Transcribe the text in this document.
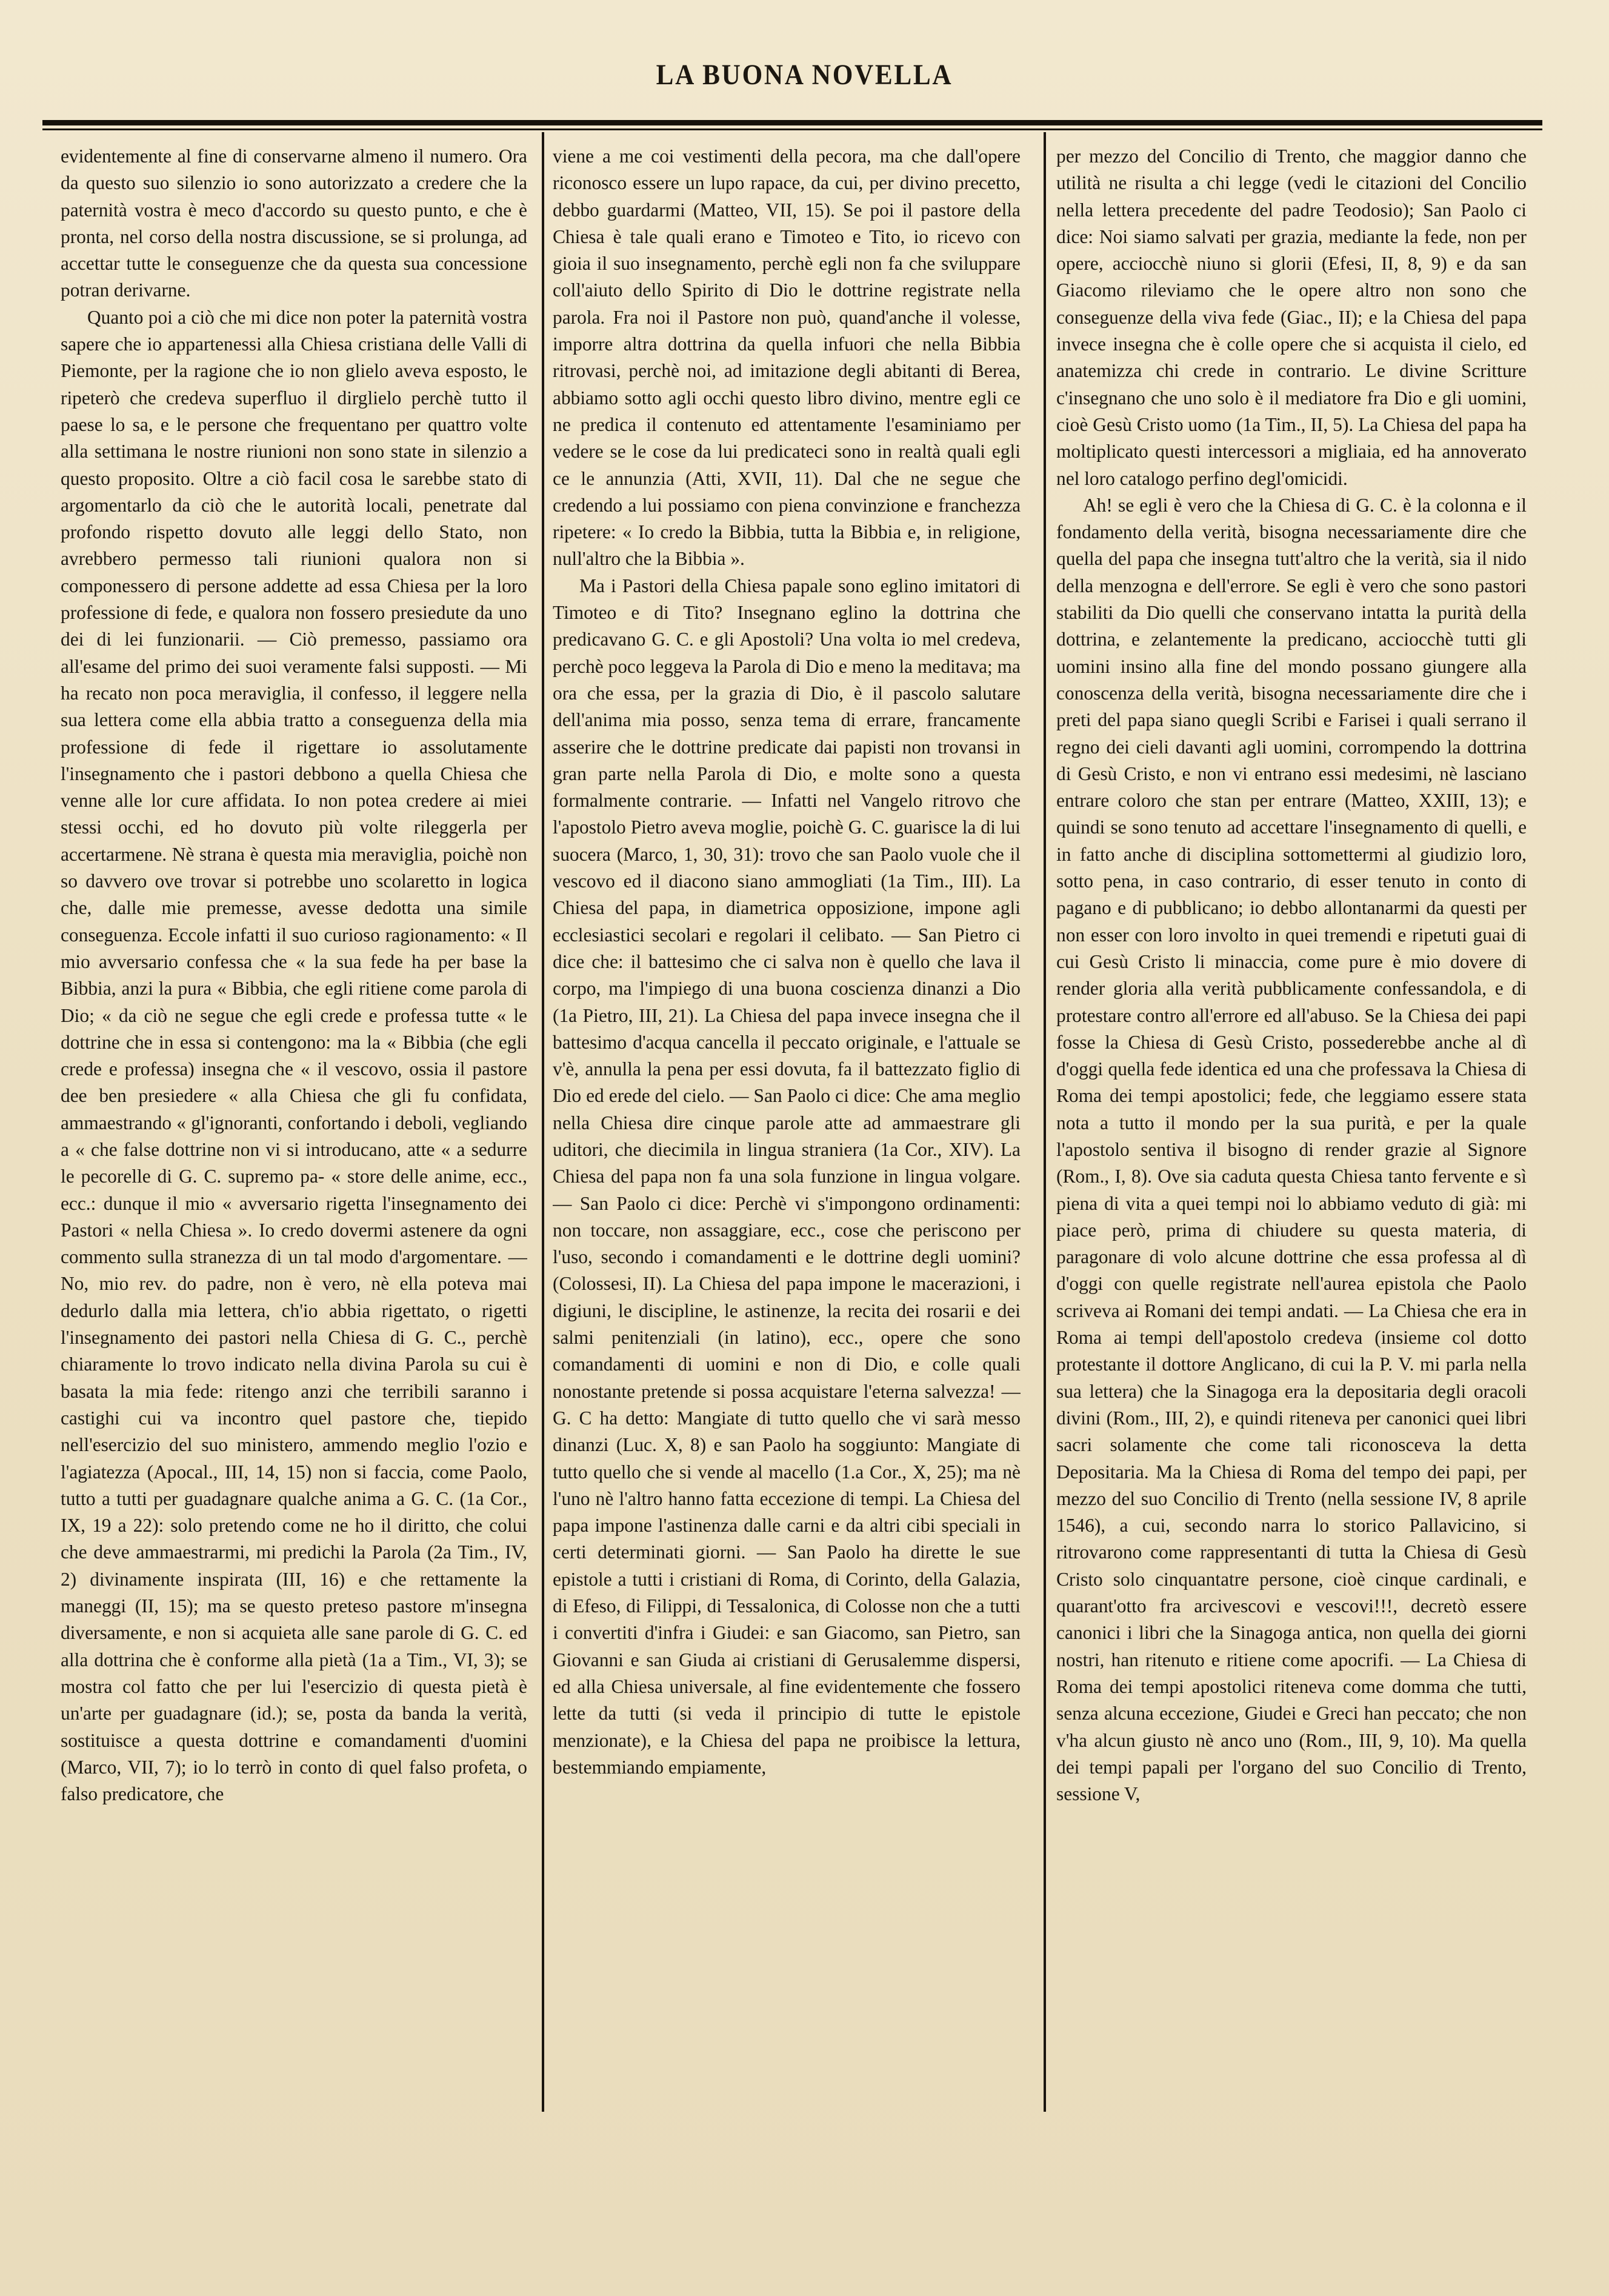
LA BUONA NOVELLA

evidentemente al fine di conservarne almeno il numero. Ora da questo suo silenzio io sono autorizzato a credere che la paternità vostra è meco d'accordo su questo punto, e che è pronta, nel corso della nostra discussione, se si prolunga, ad accettar tutte le conseguenze che da questa sua concessione potran derivarne.

Quanto poi a ciò che mi dice non poter la paternità vostra sapere che io appartenessi alla Chiesa cristiana delle Valli di Piemonte, per la ragione che io non glielo aveva esposto, le ripeterò che credeva superfluo il dirglielo perchè tutto il paese lo sa, e le persone che frequentano per quattro volte alla settimana le nostre riunioni non sono state in silenzio a questo proposito. Oltre a ciò facil cosa le sarebbe stato di argomentarlo da ciò che le autorità locali, penetrate dal profondo rispetto dovuto alle leggi dello Stato, non avrebbero permesso tali riunioni qualora non si componessero di persone addette ad essa Chiesa per la loro professione di fede, e qualora non fossero presiedute da uno dei di lei funzionarii. — Ciò premesso, passiamo ora all'esame del primo dei suoi veramente falsi supposti. — Mi ha recato non poca meraviglia, il confesso, il leggere nella sua lettera come ella abbia tratto a conseguenza della mia professione di fede il rigettare io assolutamente l'insegnamento che i pastori debbono a quella Chiesa che venne alle lor cure affidata. Io non potea credere ai miei stessi occhi, ed ho dovuto più volte rileggerla per accertarmene. Nè strana è questa mia meraviglia, poichè non so davvero ove trovar si potrebbe uno scolaretto in logica che, dalle mie premesse, avesse dedotta una simile conseguenza. Eccole infatti il suo curioso ragionamento: « Il mio avversario confessa che « la sua fede ha per base la Bibbia, anzi la pura « Bibbia, che egli ritiene come parola di Dio; « da ciò ne segue che egli crede e professa tutte « le dottrine che in essa si contengono: ma la « Bibbia (che egli crede e professa) insegna che « il vescovo, ossia il pastore dee ben presiedere « alla Chiesa che gli fu confidata, ammaestrando « gl'ignoranti, confortando i deboli, vegliando a « che false dottrine non vi si introducano, atte « a sedurre le pecorelle di G. C. supremo pa- « store delle anime, ecc., ecc.: dunque il mio « avversario rigetta l'insegnamento dei Pastori « nella Chiesa ». Io credo dovermi astenere da ogni commento sulla stranezza di un tal modo d'argomentare. — No, mio rev. do padre, non è vero, nè ella poteva mai dedurlo dalla mia lettera, ch'io abbia rigettato, o rigetti l'insegnamento dei pastori nella Chiesa di G. C., perchè chiaramente lo trovo indicato nella divina Parola su cui è basata la mia fede: ritengo anzi che terribili saranno i castighi cui va incontro quel pastore che, tiepido nell'esercizio del suo ministero, ammendo meglio l'ozio e l'agiatezza (Apocal., III, 14, 15) non si faccia, come Paolo, tutto a tutti per guadagnare qualche anima a G. C. (1a Cor., IX, 19 a 22): solo pretendo come ne ho il diritto, che colui che deve ammaestrarmi, mi predichi la Parola (2a Tim., IV, 2) divinamente inspirata (III, 16) e che rettamente la maneggi (II, 15); ma se questo preteso pastore m'insegna diversamente, e non si acquieta alle sane parole di G. C. ed alla dottrina che è conforme alla pietà (1a a Tim., VI, 3); se mostra col fatto che per lui l'esercizio di questa pietà è un'arte per guadagnare (id.); se, posta da banda la verità, sostituisce a questa dottrine e comandamenti d'uomini (Marco, VII, 7); io lo terrò in conto di quel falso profeta, o falso predicatore, che

viene a me coi vestimenti della pecora, ma che dall'opere riconosco essere un lupo rapace, da cui, per divino precetto, debbo guardarmi (Matteo, VII, 15). Se poi il pastore della Chiesa è tale quali erano e Timoteo e Tito, io ricevo con gioia il suo insegnamento, perchè egli non fa che sviluppare coll'aiuto dello Spirito di Dio le dottrine registrate nella parola. Fra noi il Pastore non può, quand'anche il volesse, imporre altra dottrina da quella infuori che nella Bibbia ritrovasi, perchè noi, ad imitazione degli abitanti di Berea, abbiamo sotto agli occhi questo libro divino, mentre egli ce ne predica il contenuto ed attentamente l'esaminiamo per vedere se le cose da lui predicateci sono in realtà quali egli ce le annunzia (Atti, XVII, 11). Dal che ne segue che credendo a lui possiamo con piena convinzione e franchezza ripetere: « Io credo la Bibbia, tutta la Bibbia e, in religione, null'altro che la Bibbia ».

Ma i Pastori della Chiesa papale sono eglino imitatori di Timoteo e di Tito? Insegnano eglino la dottrina che predicavano G. C. e gli Apostoli? Una volta io mel credeva, perchè poco leggeva la Parola di Dio e meno la meditava; ma ora che essa, per la grazia di Dio, è il pascolo salutare dell'anima mia posso, senza tema di errare, francamente asserire che le dottrine predicate dai papisti non trovansi in gran parte nella Parola di Dio, e molte sono a questa formalmente contrarie. — Infatti nel Vangelo ritrovo che l'apostolo Pietro aveva moglie, poichè G. C. guarisce la di lui suocera (Marco, 1, 30, 31): trovo che san Paolo vuole che il vescovo ed il diacono siano ammogliati (1a Tim., III). La Chiesa del papa, in diametrica opposizione, impone agli ecclesiastici secolari e regolari il celibato. — San Pietro ci dice che: il battesimo che ci salva non è quello che lava il corpo, ma l'impiego di una buona coscienza dinanzi a Dio (1a Pietro, III, 21). La Chiesa del papa invece insegna che il battesimo d'acqua cancella il peccato originale, e l'attuale se v'è, annulla la pena per essi dovuta, fa il battezzato figlio di Dio ed erede del cielo. — San Paolo ci dice: Che ama meglio nella Chiesa dire cinque parole atte ad ammaestrare gli uditori, che diecimila in lingua straniera (1a Cor., XIV). La Chiesa del papa non fa una sola funzione in lingua volgare. — San Paolo ci dice: Perchè vi s'impongono ordinamenti: non toccare, non assaggiare, ecc., cose che periscono per l'uso, secondo i comandamenti e le dottrine degli uomini? (Colossesi, II). La Chiesa del papa impone le macerazioni, i digiuni, le discipline, le astinenze, la recita dei rosarii e dei salmi penitenziali (in latino), ecc., opere che sono comandamenti di uomini e non di Dio, e colle quali nonostante pretende si possa acquistare l'eterna salvezza! — G. C ha detto: Mangiate di tutto quello che vi sarà messo dinanzi (Luc. X, 8) e san Paolo ha soggiunto: Mangiate di tutto quello che si vende al macello (1.a Cor., X, 25); ma nè l'uno nè l'altro hanno fatta eccezione di tempi. La Chiesa del papa impone l'astinenza dalle carni e da altri cibi speciali in certi determinati giorni. — San Paolo ha dirette le sue epistole a tutti i cristiani di Roma, di Corinto, della Galazia, di Efeso, di Filippi, di Tessalonica, di Colosse non che a tutti i convertiti d'infra i Giudei: e san Giacomo, san Pietro, san Giovanni e san Giuda ai cristiani di Gerusalemme dispersi, ed alla Chiesa universale, al fine evidentemente che fossero lette da tutti (si veda il principio di tutte le epistole menzionate), e la Chiesa del papa ne proibisce la lettura, bestemmiando empiamente,

per mezzo del Concilio di Trento, che maggior danno che utilità ne risulta a chi legge (vedi le citazioni del Concilio nella lettera precedente del padre Teodosio); San Paolo ci dice: Noi siamo salvati per grazia, mediante la fede, non per opere, acciocchè niuno si glorii (Efesi, II, 8, 9) e da san Giacomo rileviamo che le opere altro non sono che conseguenze della viva fede (Giac., II); e la Chiesa del papa invece insegna che è colle opere che si acquista il cielo, ed anatemizza chi crede in contrario. Le divine Scritture c'insegnano che uno solo è il mediatore fra Dio e gli uomini, cioè Gesù Cristo uomo (1a Tim., II, 5). La Chiesa del papa ha moltiplicato questi intercessori a migliaia, ed ha annoverato nel loro catalogo perfino degl'omicidi.

Ah! se egli è vero che la Chiesa di G. C. è la colonna e il fondamento della verità, bisogna necessariamente dire che quella del papa che insegna tutt'altro che la verità, sia il nido della menzogna e dell'errore. Se egli è vero che sono pastori stabiliti da Dio quelli che conservano intatta la purità della dottrina, e zelantemente la predicano, acciocchè tutti gli uomini insino alla fine del mondo possano giungere alla conoscenza della verità, bisogna necessariamente dire che i preti del papa siano quegli Scribi e Farisei i quali serrano il regno dei cieli davanti agli uomini, corrompendo la dottrina di Gesù Cristo, e non vi entrano essi medesimi, nè lasciano entrare coloro che stan per entrare (Matteo, XXIII, 13); e quindi se sono tenuto ad accettare l'insegnamento di quelli, e in fatto anche di disciplina sottomettermi al giudizio loro, sotto pena, in caso contrario, di esser tenuto in conto di pagano e di pubblicano; io debbo allontanarmi da questi per non esser con loro involto in quei tremendi e ripetuti guai di cui Gesù Cristo li minaccia, come pure è mio dovere di render gloria alla verità pubblicamente confessandola, e di protestare contro all'errore ed all'abuso. Se la Chiesa dei papi fosse la Chiesa di Gesù Cristo, possederebbe anche al dì d'oggi quella fede identica ed una che professava la Chiesa di Roma dei tempi apostolici; fede, che leggiamo essere stata nota a tutto il mondo per la sua purità, e per la quale l'apostolo sentiva il bisogno di render grazie al Signore (Rom., I, 8). Ove sia caduta questa Chiesa tanto fervente e sì piena di vita a quei tempi noi lo abbiamo veduto di già: mi piace però, prima di chiudere su questa materia, di paragonare di volo alcune dottrine che essa professa al dì d'oggi con quelle registrate nell'aurea epistola che Paolo scriveva ai Romani dei tempi andati. — La Chiesa che era in Roma ai tempi dell'apostolo credeva (insieme col dotto protestante il dottore Anglicano, di cui la P. V. mi parla nella sua lettera) che la Sinagoga era la depositaria degli oracoli divini (Rom., III, 2), e quindi riteneva per canonici quei libri sacri solamente che come tali riconosceva la detta Depositaria. Ma la Chiesa di Roma del tempo dei papi, per mezzo del suo Concilio di Trento (nella sessione IV, 8 aprile 1546), a cui, secondo narra lo storico Pallavicino, si ritrovarono come rappresentanti di tutta la Chiesa di Gesù Cristo solo cinquantatre persone, cioè cinque cardinali, e quarant'otto fra arcivescovi e vescovi!!!, decretò essere canonici i libri che la Sinagoga antica, non quella dei giorni nostri, han ritenuto e ritiene come apocrifi. — La Chiesa di Roma dei tempi apostolici riteneva come domma che tutti, senza alcuna eccezione, Giudei e Greci han peccato; che non v'ha alcun giusto nè anco uno (Rom., III, 9, 10). Ma quella dei tempi papali per l'organo del suo Concilio di Trento, sessione V,
